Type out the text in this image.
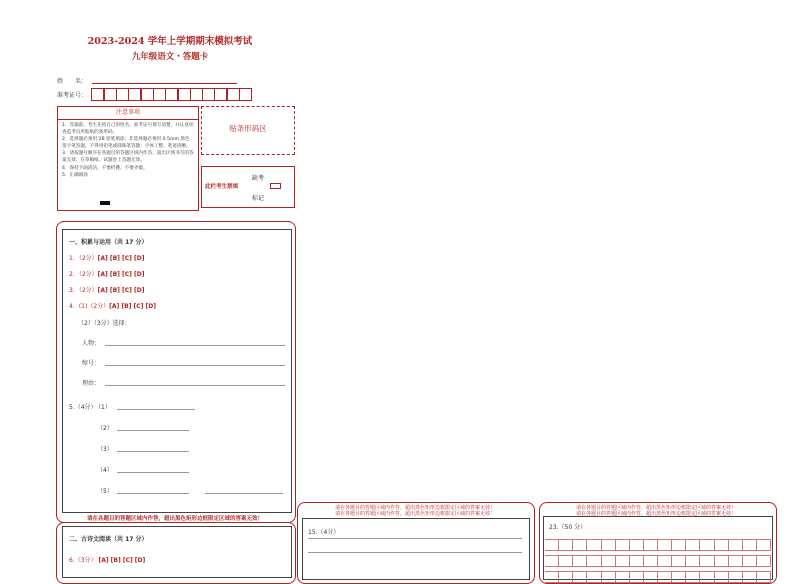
2023-2024 学年上学期期末模拟考试
九年级语文・答题卡
姓　　名：
准考证号：
注意事项
1．答题前，考生先将自己的姓名，准考证号填写清楚，并认真检查监考员所粘贴的条形码。
2．选择题必须用 2B 铅笔填涂；非选择题必须用 0.5mm 黑色签字笔答题，不得用铅笔或圆珠笔答题；字体工整、笔迹清晰。
3．请按题号顺序在各题目的答题区域内作答，超出区域书写的答案无效；在草稿纸、试题卷上答题无效。
4．保持卡面清洁，不要折叠、不要弄破。
5．正确填涂
贴条形码区
此栏考生禁填
缺考
标记
一、积累与运用（共 17 分）
1．（2分）[A] [B] [C] [D]
2．（2分）[A] [B] [C] [D]
3．（2分）[A] [B] [C] [D]
4．(1)（2分）[A] [B] [C] [D]
（2）（3分）选择：
人物：
绰号：
理由：
5.（4分）
（1）
（2）
（3）
（4）
（5）
请在各题目的答题区域内作答，超出黑色矩形边框限定区域的答案无效！
二、古诗文阅读（共 17 分）
6.（3分） [A] [B] [C] [D]
请在各题目的答题区域内作答，超出黑色矩形边框限定区域的答案无效！
请在各题目的答题区域内作答，超出黑色矩形边框限定区域的答案无效！
15.（4分）
请在各题目的答题区域内作答，超出黑色矩形边框限定区域的答案无效！
请在各题目的答题区域内作答，超出黑色矩形边框限定区域的答案无效！
23.（50 分）
